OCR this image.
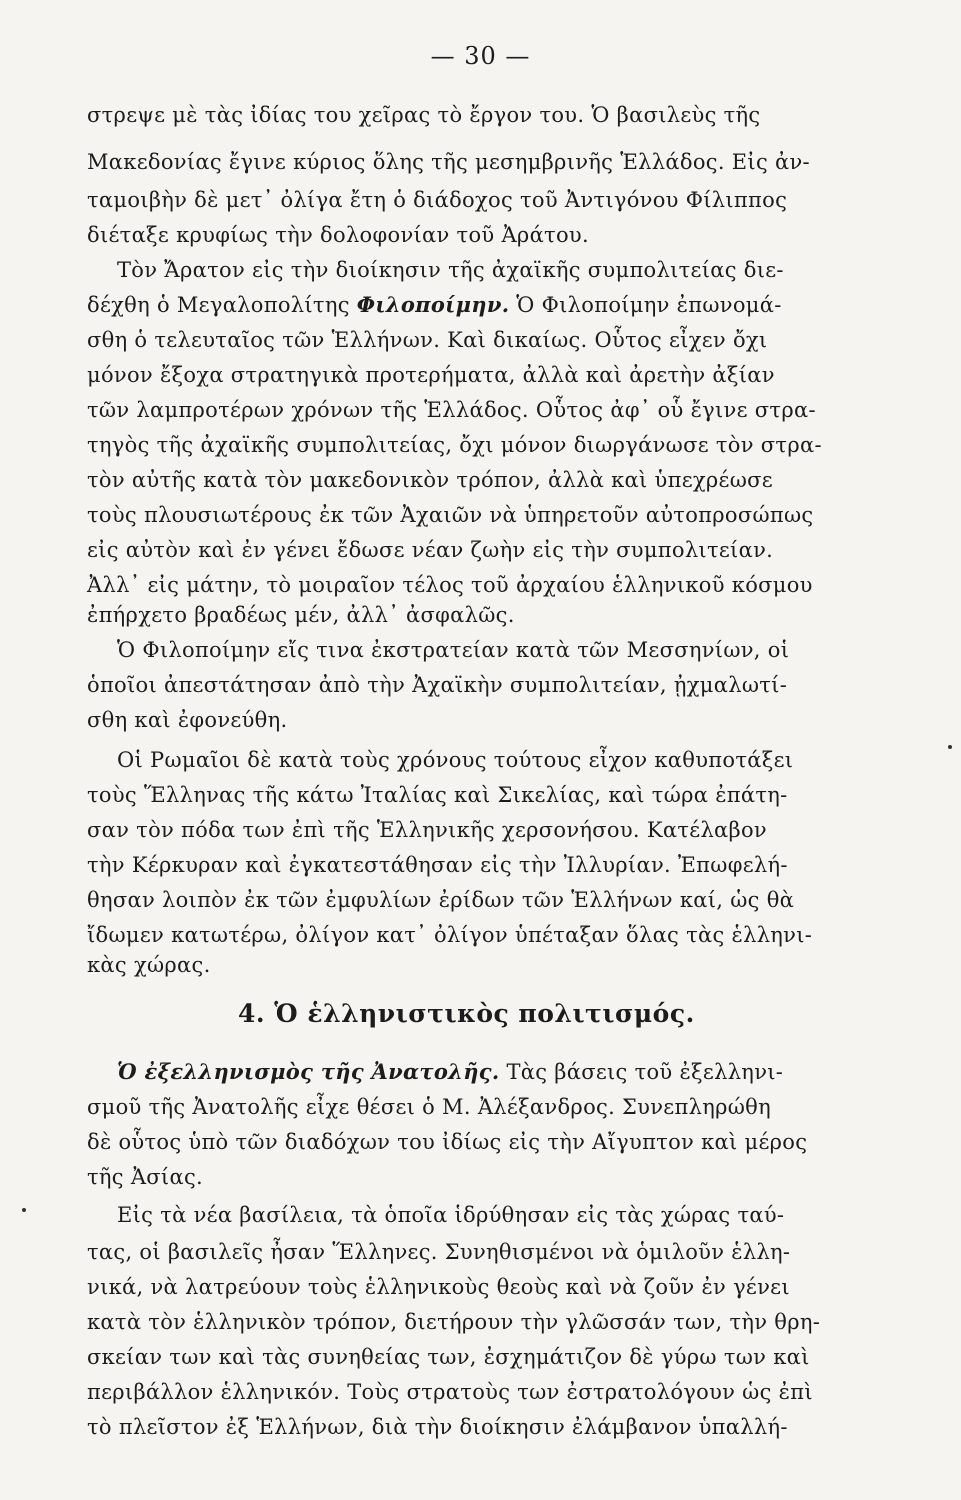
— 30 —
στρεψε μὲ τὰς ἰδίας του χεῖρας τὸ ἔργον του. Ὁ βασιλεὺς τῆς
Μακεδονίας ἔγινε κύριος ὅλης τῆς μεσημβρινῆς Ἑλλάδος. Εἰς ἀν-
ταμοιβὴν δὲ μετ᾿ ὀλίγα ἔτη ὁ διάδοχος τοῦ Ἀντιγόνου Φίλιππος
διέταξε κρυφίως τὴν δολοφονίαν τοῦ Ἀράτου.
Τὸν Ἄρατον εἰς τὴν διοίκησιν τῆς ἀχαϊκῆς συμπολιτείας διε-
δέχθη ὁ Μεγαλοπολίτης Φιλοποίμην. Ὁ Φιλοποίμην ἐπωνομά-
σθη ὁ τελευταῖος τῶν Ἑλλήνων. Καὶ δικαίως. Οὗτος εἶχεν ὄχι
μόνον ἔξοχα στρατηγικὰ προτερήματα, ἀλλὰ καὶ ἀρετὴν ἀξίαν
τῶν λαμπροτέρων χρόνων τῆς Ἑλλάδος. Οὗτος ἀφ᾿ οὗ ἔγινε στρα-
τηγὸς τῆς ἀχαϊκῆς συμπολιτείας, ὄχι μόνον διωργάνωσε τὸν στρα-
τὸν αὐτῆς κατὰ τὸν μακεδονικὸν τρόπον, ἀλλὰ καὶ ὑπεχρέωσε
τοὺς πλουσιωτέρους ἐκ τῶν Ἀχαιῶν νὰ ὑπηρετοῦν αὐτοπροσώπως
εἰς αὐτὸν καὶ ἐν γένει ἔδωσε νέαν ζωὴν εἰς τὴν συμπολιτείαν.
Ἀλλ᾿ εἰς μάτην, τὸ μοιραῖον τέλος τοῦ ἀρχαίου ἑλληνικοῦ κόσμου
ἐπήρχετο βραδέως μέν, ἀλλ᾿ ἀσφαλῶς.
Ὁ Φιλοποίμην εἴς τινα ἐκστρατείαν κατὰ τῶν Μεσσηνίων, οἱ
ὁποῖοι ἀπεστάτησαν ἀπὸ τὴν Ἀχαϊκὴν συμπολιτείαν, ᾐχμαλωτί-
σθη καὶ ἐφονεύθη.
Οἱ Ρωμαῖοι δὲ κατὰ τοὺς χρόνους τούτους εἶχον καθυποτάξει
τοὺς Ἕλληνας τῆς κάτω Ἰταλίας καὶ Σικελίας, καὶ τώρα ἐπάτη-
σαν τὸν πόδα των ἐπὶ τῆς Ἑλληνικῆς χερσονήσου. Κατέλαβον
τὴν Κέρκυραν καὶ ἐγκατεστάθησαν εἰς τὴν Ἰλλυρίαν. Ἐπωφελή-
θησαν λοιπὸν ἐκ τῶν ἐμφυλίων ἐρίδων τῶν Ἑλλήνων καί, ὡς θὰ
ἴδωμεν κατωτέρω, ὀλίγον κατ᾿ ὀλίγον ὑπέταξαν ὅλας τὰς ἑλληνι-
κὰς χώρας.
4. Ὁ ἑλληνιστικὸς πολιτισμός.
Ὁ ἐξελληνισμὸς τῆς Ἀνατολῆς. Τὰς βάσεις τοῦ ἐξελληνι-
σμοῦ τῆς Ἀνατολῆς εἶχε θέσει ὁ Μ. Ἀλέξανδρος. Συνεπληρώθη
δὲ οὗτος ὑπὸ τῶν διαδόχων του ἰδίως εἰς τὴν Αἴγυπτον καὶ μέρος
τῆς Ἀσίας.
Εἰς τὰ νέα βασίλεια, τὰ ὁποῖα ἱδρύθησαν εἰς τὰς χώρας ταύ-
τας, οἱ βασιλεῖς ἦσαν Ἕλληνες. Συνηθισμένοι νὰ ὁμιλοῦν ἑλλη-
νικά, νὰ λατρεύουν τοὺς ἑλληνικοὺς θεοὺς καὶ νὰ ζοῦν ἐν γένει
κατὰ τὸν ἑλληνικὸν τρόπον, διετήρουν τὴν γλῶσσάν των, τὴν θρη-
σκείαν των καὶ τὰς συνηθείας των, ἐσχημάτιζον δὲ γύρω των καὶ
περιβάλλον ἑλληνικόν. Τοὺς στρατοὺς των ἐστρατολόγουν ὡς ἐπὶ
τὸ πλεῖστον ἐξ Ἑλλήνων, διὰ τὴν διοίκησιν ἐλάμβανον ὑπαλλή-
